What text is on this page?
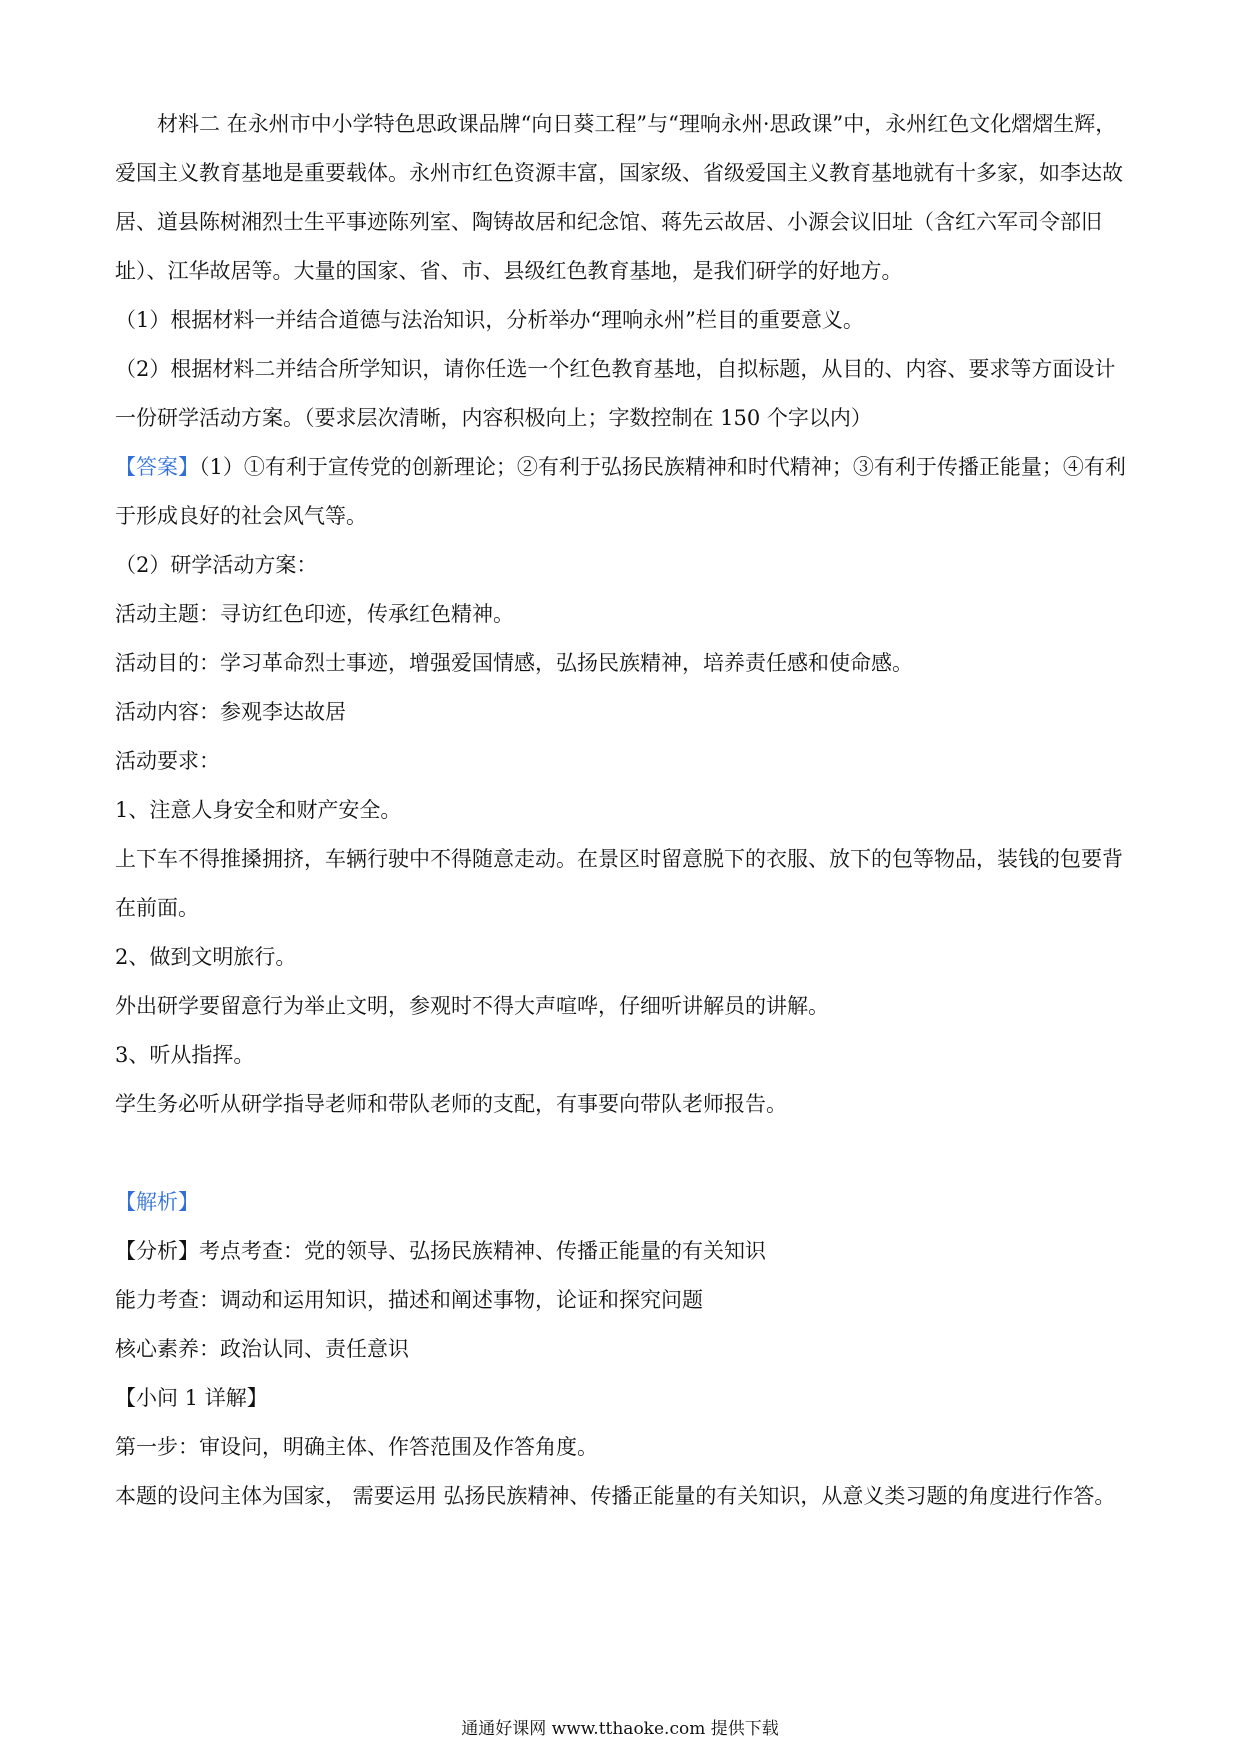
材料二 在永州市中小学特色思政课品牌“向日葵工程”与“理响永州·思政课”中，永州红色文化熠熠生辉，爱国主义教育基地是重要载体。永州市红色资源丰富，国家级、省级爱国主义教育基地就有十多家，如李达故居、道县陈树湘烈士生平事迹陈列室、陶铸故居和纪念馆、蒋先云故居、小源会议旧址（含红六军司令部旧址）、江华故居等。大量的国家、省、市、县级红色教育基地，是我们研学的好地方。

（1）根据材料一并结合道德与法治知识，分析举办“理响永州”栏目的重要意义。

（2）根据材料二并结合所学知识，请你任选一个红色教育基地，自拟标题，从目的、内容、要求等方面设计一份研学活动方案。（要求层次清晰，内容积极向上；字数控制在 150 个字以内）

【答案】（1）①有利于宣传党的创新理论；②有利于弘扬民族精神和时代精神；③有利于传播正能量；④有利于形成良好的社会风气等。

（2）研学活动方案：

活动主题：寻访红色印迹，传承红色精神。

活动目的：学习革命烈士事迹，增强爱国情感，弘扬民族精神，培养责任感和使命感。

活动内容：参观李达故居

活动要求：

1、注意人身安全和财产安全。

上下车不得推搡拥挤，车辆行驶中不得随意走动。在景区时留意脱下的衣服、放下的包等物品，装钱的包要背在前面。

2、做到文明旅行。

外出研学要留意行为举止文明，参观时不得大声喧哗，仔细听讲解员的讲解。

3、听从指挥。

学生务必听从研学指导老师和带队老师的支配，有事要向带队老师报告。

【解析】

【分析】考点考查：党的领导、弘扬民族精神、传播正能量的有关知识

能力考查：调动和运用知识，描述和阐述事物，论证和探究问题

核心素养：政治认同、责任意识

【小问 1 详解】

第一步：审设问，明确主体、作答范围及作答角度。

本题的设问主体为国家， 需要运用 弘扬民族精神、传播正能量的有关知识，从意义类习题的角度进行作答。

通通好课网 www.tthaoke.com 提供下载
